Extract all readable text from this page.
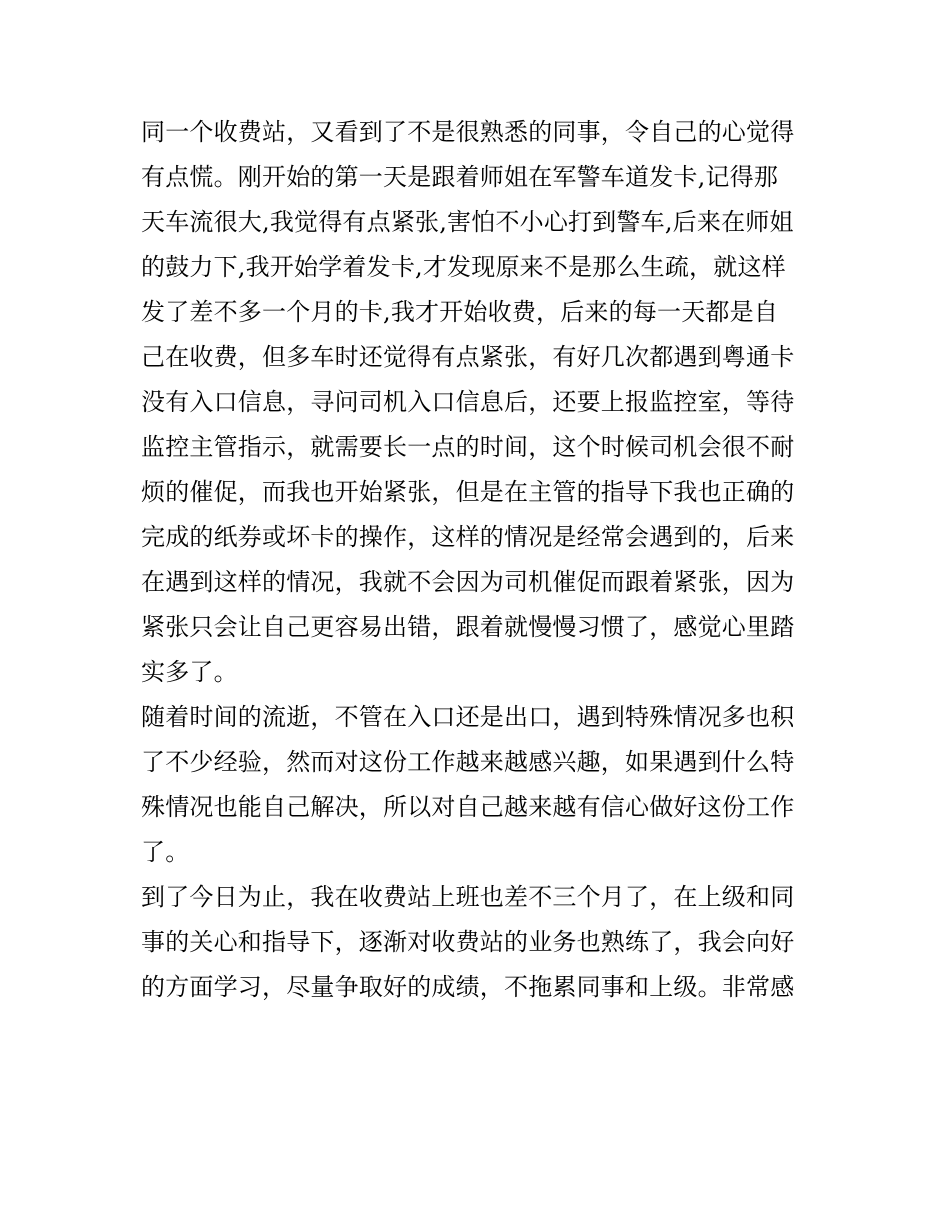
同一个收费站，又看到了不是很熟悉的同事，令自己的心觉得
有点慌。刚开始的第一天是跟着师姐在军警车道发卡,记得那
天车流很大,我觉得有点紧张,害怕不小心打到警车,后来在师姐
的鼓力下,我开始学着发卡,才发现原来不是那么生疏，就这样
发了差不多一个月的卡,我才开始收费，后来的每一天都是自
己在收费，但多车时还觉得有点紧张，有好几次都遇到粤通卡
没有入口信息，寻问司机入口信息后，还要上报监控室，等待
监控主管指示，就需要长一点的时间，这个时候司机会很不耐
烦的催促，而我也开始紧张，但是在主管的指导下我也正确的
完成的纸券或坏卡的操作，这样的情况是经常会遇到的，后来
在遇到这样的情况，我就不会因为司机催促而跟着紧张，因为
紧张只会让自己更容易出错，跟着就慢慢习惯了，感觉心里踏
实多了。
随着时间的流逝，不管在入口还是出口，遇到特殊情况多也积
了不少经验，然而对这份工作越来越感兴趣，如果遇到什么特
殊情况也能自己解决，所以对自己越来越有信心做好这份工作
了。
到了今日为止，我在收费站上班也差不三个月了，在上级和同
事的关心和指导下，逐渐对收费站的业务也熟练了，我会向好
的方面学习，尽量争取好的成绩，不拖累同事和上级。非常感
